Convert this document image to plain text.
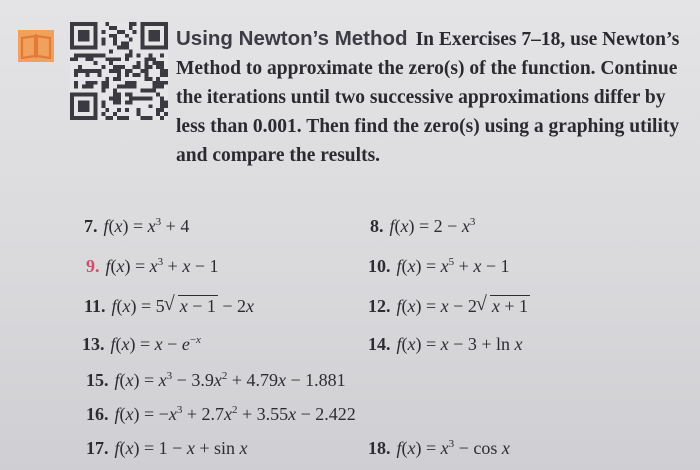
Using Newton’s Method In Exercises 7–18, use Newton’s Method to approximate the zero(s) of the function. Continue the iterations until two successive approximations differ by less than 0.001. Then find the zero(s) using a graphing utility and compare the results.
7. $f(x) = x^3 + 4$	8. $f(x) = 2 - x^3$
9. $f(x) = x^3 + x - 1$	10. $f(x) = x^5 + x - 1$
11. f(x) = 5 √ x − 1 − 2x	12. f(x) = x − 2 √ x + 1
13. $f(x) = x - e^{-x}$	14. f(x) = x − 3 + ln x
15. $f(x) = x^3 - 3.9x^2 + 4.79x - 1.881$
16. $f(x) = -x^3 + 2.7x^2 + 3.55x - 2.422$
17. f(x) = 1 − x + sin x	18. $f(x) = x^3 - \cos x$
